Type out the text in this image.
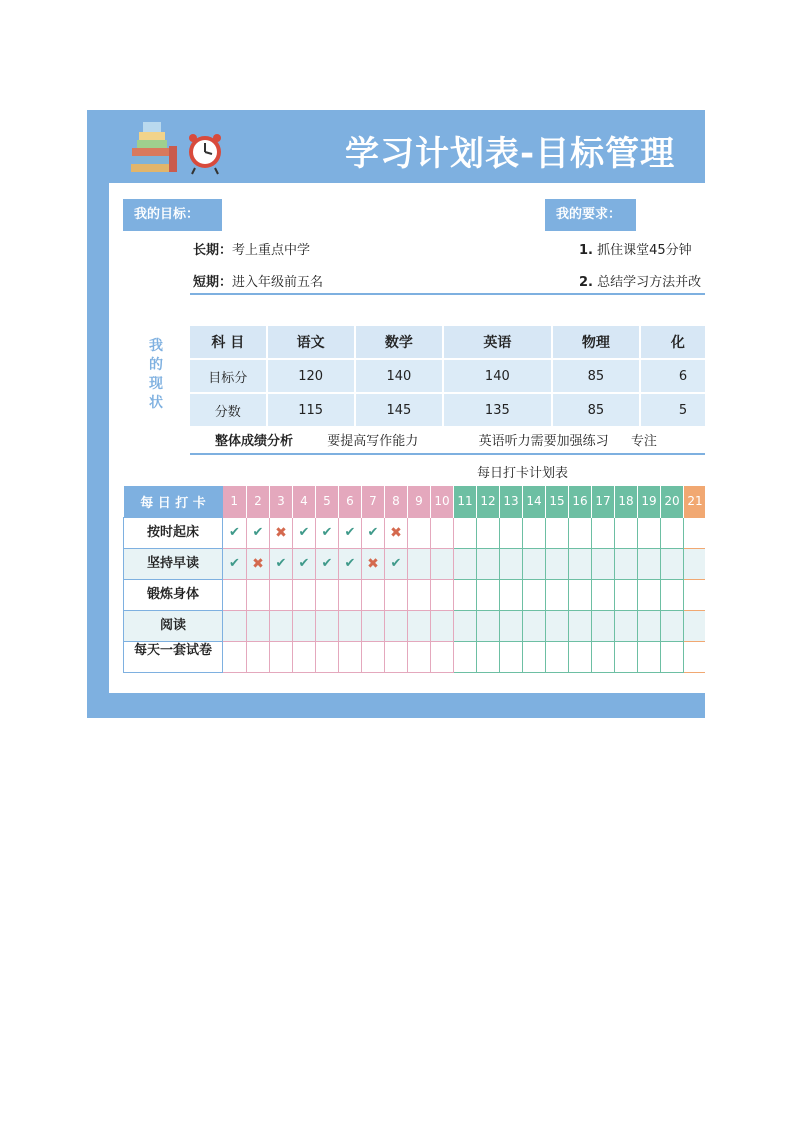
学习计划表-目标管理
我的目标：
长期：考上重点中学
短期：进入年级前五名
我的要求：
1. 抓住课堂45分钟
2. 总结学习方法并改
我
的
现
状
科 目	语文	数学	英语	物理	化
目标分	120	140	140	85	6
分数	115	145	135	85	5
整体成绩分析	要提高写作能力	英语听力需要加强练习 专注
每日打卡计划表
每 日 打 卡	1	2	3	4	5	6	7	8	9	10	11	12	13	14	15	16	17	18	19	20	21
按时起床	✔	✔	✖	✔	✔	✔	✔	✖													
坚持早读	✔	✖	✔	✔	✔	✔	✖	✔													
锻炼身体																					
阅读																					
每天一套试卷																					
